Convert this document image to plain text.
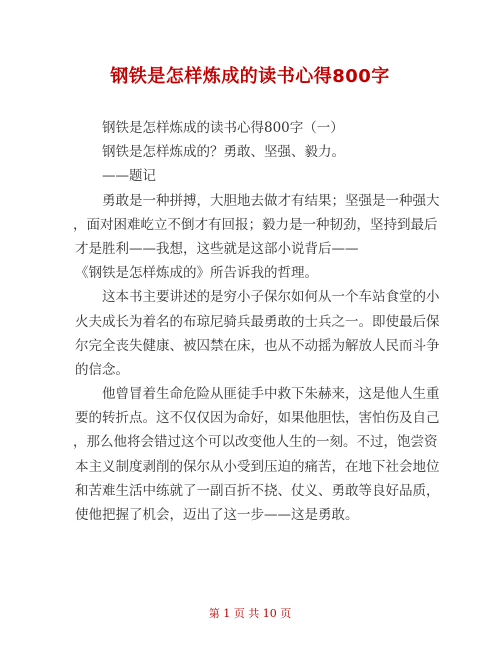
钢铁是怎样炼成的读书心得800字
钢铁是怎样炼成的读书心得800字（一）
钢铁是怎样炼成的？勇敢、坚强、毅力。
——题记
勇敢是一种拼搏，大胆地去做才有结果；坚强是一种强大
，面对困难屹立不倒才有回报；毅力是一种韧劲，坚持到最后
才是胜利——我想，这些就是这部小说背后——
《钢铁是怎样炼成的》所告诉我的哲理。
这本书主要讲述的是穷小子保尔如何从一个车站食堂的小
火夫成长为着名的布琼尼骑兵最勇敢的士兵之一。即使最后保
尔完全丧失健康、被囚禁在床，也从不动摇为解放人民而斗争
的信念。
他曾冒着生命危险从匪徒手中救下朱赫来，这是他人生重
要的转折点。这不仅仅因为命好，如果他胆怯，害怕伤及自己
，那么他将会错过这个可以改变他人生的一刻。不过，饱尝资
本主义制度剥削的保尔从小受到压迫的痛苦，在地下社会地位
和苦难生活中练就了一副百折不挠、仗义、勇敢等良好品质，
使他把握了机会，迈出了这一步——这是勇敢。
第 1 页 共 10 页
